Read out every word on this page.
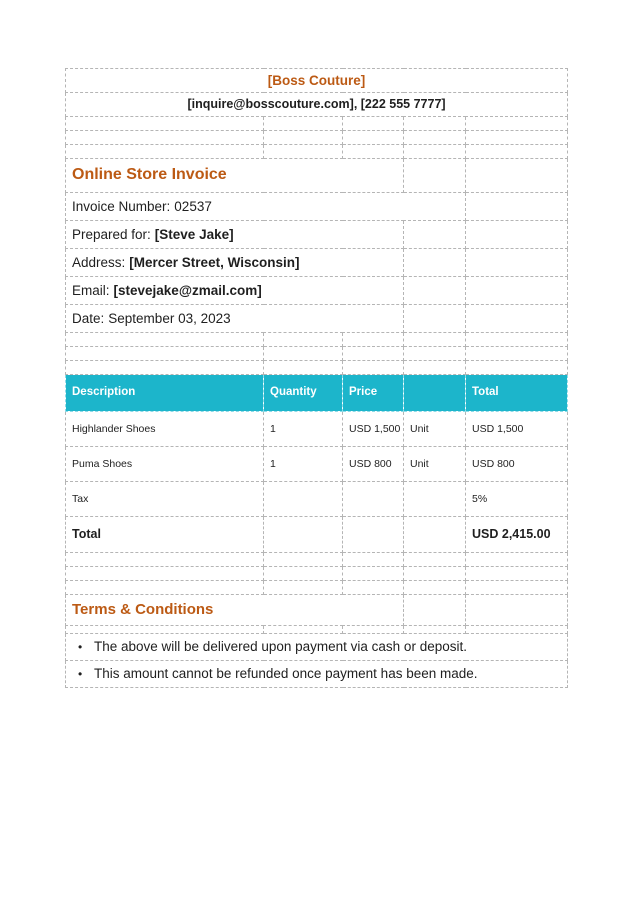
[Boss Couture]				
[inquire@bosscouture.com], [222 555 7777]				

Online Store Invoice				
Invoice Number: 02537				
Prepared for: [Steve Jake]				
Address: [Mercer Street, Wisconsin]				
Email: [stevejake@zmail.com]				
Date: September 03, 2023				

Description	Quantity	Price		Total
Highlander Shoes	1	USD 1,500	Unit	USD 1,500
Puma Shoes	1	USD 800	Unit	USD 800
Tax				5%
Total				USD 2,415.00

Terms & Conditions				

• The above will be delivered upon payment via cash or deposit.				
• This amount cannot be refunded once payment has been made.				
